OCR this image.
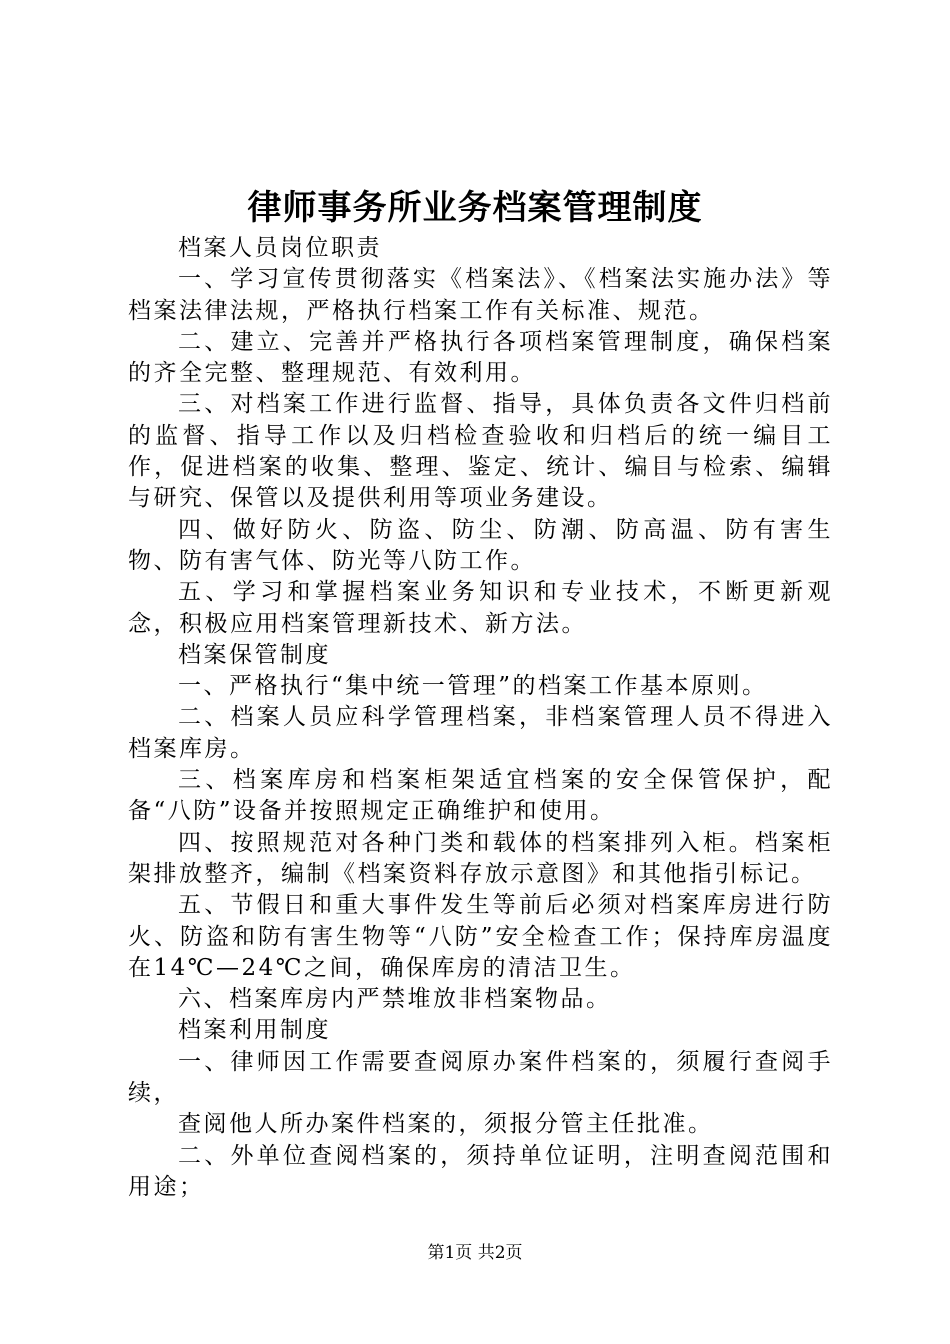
律师事务所业务档案管理制度

档案人员岗位职责

一、学习宣传贯彻落实《档案法》、《档案法实施办法》等档案法律法规，严格执行档案工作有关标准、规范。

二、建立、完善并严格执行各项档案管理制度，确保档案的齐全完整、整理规范、有效利用。

三、对档案工作进行监督、指导，具体负责各文件归档前的监督、指导工作以及归档检查验收和归档后的统一编目工作，促进档案的收集、整理、鉴定、统计、编目与检索、编辑与研究、保管以及提供利用等项业务建设。

四、做好防火、防盗、防尘、防潮、防高温、防有害生物、防有害气体、防光等八防工作。

五、学习和掌握档案业务知识和专业技术，不断更新观念，积极应用档案管理新技术、新方法。

档案保管制度

一、严格执行“集中统一管理”的档案工作基本原则。

二、档案人员应科学管理档案，非档案管理人员不得进入档案库房。

三、档案库房和档案柜架适宜档案的安全保管保护，配备“八防”设备并按照规定正确维护和使用。

四、按照规范对各种门类和载体的档案排列入柜。档案柜架排放整齐，编制《档案资料存放示意图》和其他指引标记。

五、节假日和重大事件发生等前后必须对档案库房进行防火、防盗和防有害生物等“八防”安全检查工作；保持库房温度在14℃—24℃之间，确保库房的清洁卫生。

六、档案库房内严禁堆放非档案物品。

档案利用制度

一、律师因工作需要查阅原办案件档案的，须履行查阅手续，

查阅他人所办案件档案的，须报分管主任批准。

二、外单位查阅档案的，须持单位证明，注明查阅范围和用途；

第1页 共2页
